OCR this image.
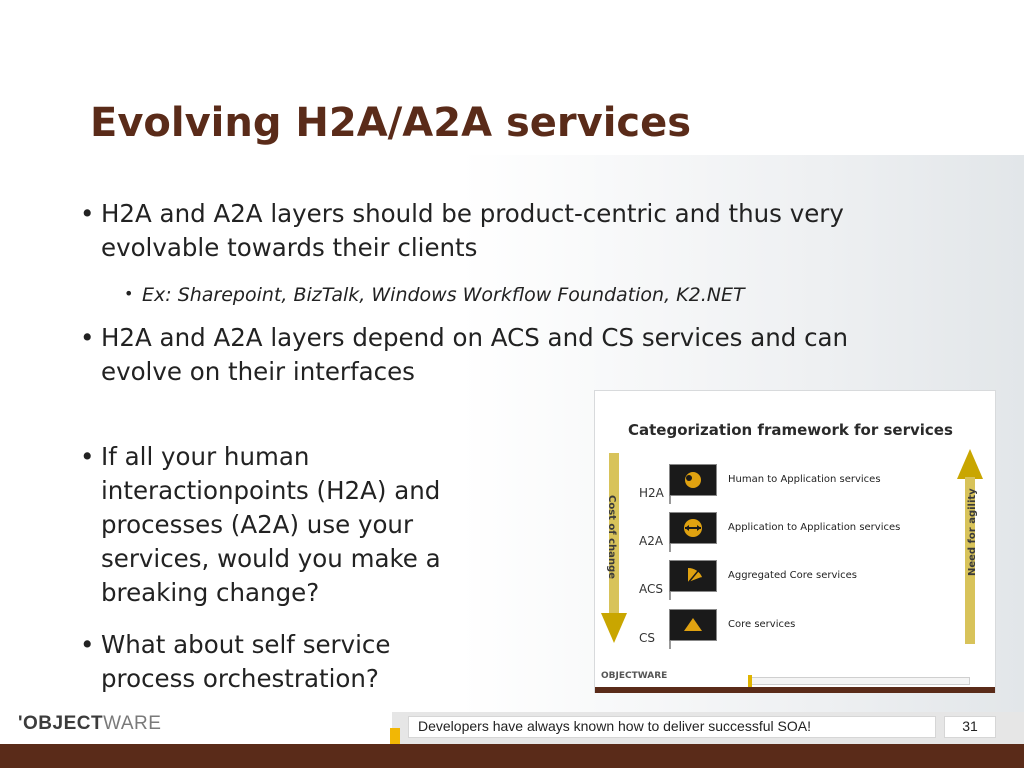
Evolving H2A/A2A services
• H2A and A2A layers should be product-centric and thus very evolvable towards their clients
• Ex: Sharepoint, BizTalk, Windows Workflow Foundation, K2.NET
• H2A and A2A layers depend on ACS and CS services and can evolve on their interfaces
• If all your human interactionpoints (H2A) and processes (A2A) use your services, would you make a breaking change?
• What about self service process orchestration?
Categorization framework for services
Cost of change	Need for agility
H2A
Human to Application services
A2A
Application to Application services
ACS
Aggregated Core services
CS
Core services
OBJECTWARE
'OBJECTWARE	Developers have always known how to deliver successful SOA!	31
